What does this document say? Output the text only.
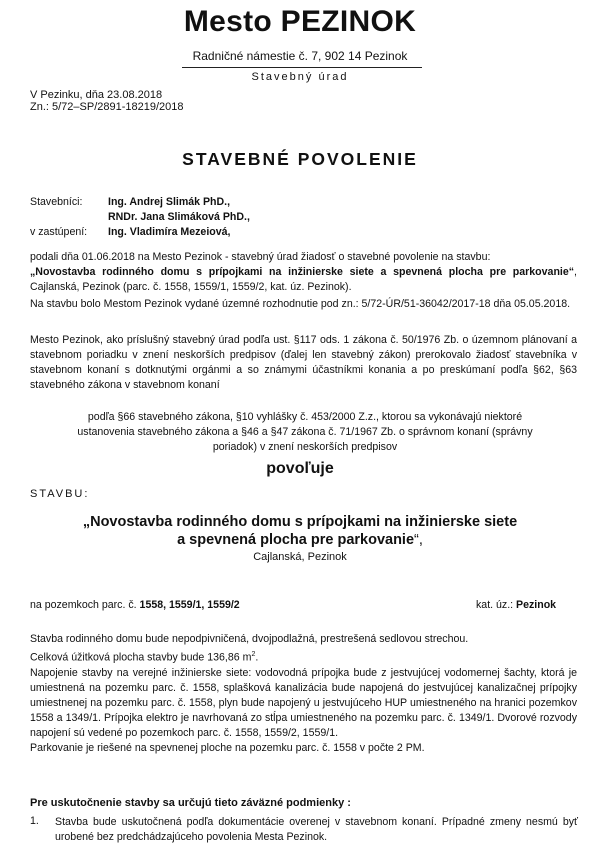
Mesto PEZINOK
Radničné námestie č. 7, 902 14 Pezinok
Stavebný úrad
V Pezinku, dňa 23.08.2018
Zn.: 5/72–SP/2891-18219/2018
STAVEBNÉ POVOLENIE
Stavebníci: Ing. Andrej Slimák PhD.,
RNDr. Jana Slimáková PhD.,
v zastúpení: Ing. Vladimíra Mezeiová,
podali dňa 01.06.2018 na Mesto Pezinok - stavebný úrad žiadosť o stavebné povolenie na stavbu:
„Novostavba rodinného domu s prípojkami na inžinierske siete a spevnená plocha pre parkovanie“, Cajlanská, Pezinok (parc. č. 1558, 1559/1, 1559/2, kat. úz. Pezinok).
Na stavbu bolo Mestom Pezinok vydané územné rozhodnutie pod zn.: 5/72-ÚR/51-36042/2017-18 dňa 05.05.2018.
Mesto Pezinok, ako príslušný stavebný úrad podľa ust. §117 ods. 1 zákona č. 50/1976 Zb. o územnom plánovaní a stavebnom poriadku v znení neskorších predpisov (ďalej len stavebný zákon) prerokovalo žiadosť stavebníka v stavebnom konaní s dotknutými orgánmi a so známymi účastníkmi konania a po preskúmaní podľa §62, §63 stavebného zákona v stavebnom konaní
podľa §66 stavebného zákona, §10 vyhlášky č. 453/2000 Z.z., ktorou sa vykonávajú niektoré
ustanovenia stavebného zákona a §46 a §47 zákona č. 71/1967 Zb. o správnom konaní (správny
poriadok) v znení neskorších predpisov
povoľuje
STAVBU:
„Novostavba rodinného domu s prípojkami na inžinierske siete
a spevnená plocha pre parkovanie“,
Cajlanská, Pezinok
na pozemkoch parc. č. 1558, 1559/1, 1559/2	kat. úz.: Pezinok
Stavba rodinného domu bude nepodpivničená, dvojpodlažná, prestrešená sedlovou strechou.
Celková úžitková plocha stavby bude 136,86 $m^2$.
Napojenie stavby na verejné inžinierske siete: vodovodná prípojka bude z jestvujúcej vodomernej šachty, ktorá je umiestnená na pozemku parc. č. 1558, splašková kanalizácia bude napojená do jestvujúcej kanalizačnej prípojky umiestnenej na pozemku parc. č. 1558, plyn bude napojený u jestvujúceho HUP umiestneného na hranici pozemkov 1558 a 1349/1. Prípojka elektro je navrhovaná zo stĺpa umiestneného na pozemku parc. č. 1349/1. Dvorové rozvody napojení sú vedené po pozemkoch parc. č. 1558, 1559/2, 1559/1.
Parkovanie je riešené na spevnenej ploche na pozemku parc. č. 1558 v počte 2 PM.
Pre uskutočnenie stavby sa určujú tieto záväzné podmienky :
1. Stavba bude uskutočnená podľa dokumentácie overenej v stavebnom konaní. Prípadné zmeny nesmú byť urobené bez predchádzajúceho povolenia Mesta Pezinok.
